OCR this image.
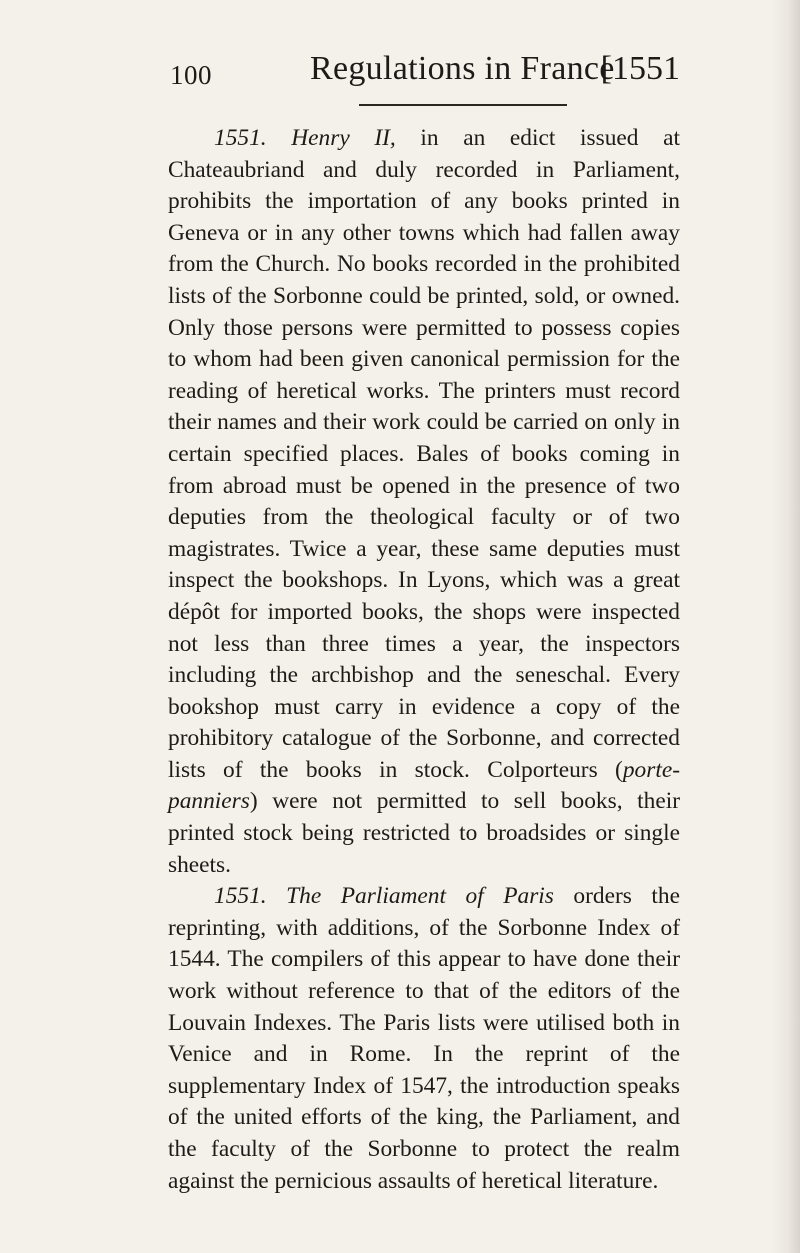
100	Regulations in France
[1551

1551. Henry II, in an edict issued at Chateaubriand and duly recorded in Parliament, prohibits the importation of any books printed in Geneva or in any other towns which had fallen away from the Church. No books recorded in the prohibited lists of the Sorbonne could be printed, sold, or owned. Only those persons were permitted to possess copies to whom had been given canonical permission for the reading of heretical works. The printers must record their names and their work could be carried on only in certain specified places. Bales of books coming in from abroad must be opened in the presence of two deputies from the theological faculty or of two magistrates. Twice a year, these same deputies must inspect the bookshops. In Lyons, which was a great dépôt for imported books, the shops were inspected not less than three times a year, the inspectors including the archbishop and the seneschal. Every bookshop must carry in evidence a copy of the prohibitory catalogue of the Sorbonne, and corrected lists of the books in stock. Colporteurs (porte-panniers) were not permitted to sell books, their printed stock being restricted to broadsides or single sheets.

1551. The Parliament of Paris orders the reprinting, with additions, of the Sorbonne Index of 1544. The compilers of this appear to have done their work without reference to that of the editors of the Louvain Indexes. The Paris lists were utilised both in Venice and in Rome. In the reprint of the supplementary Index of 1547, the introduction speaks of the united efforts of the king, the Parliament, and the faculty of the Sorbonne to protect the realm against the pernicious assaults of heretical literature.
